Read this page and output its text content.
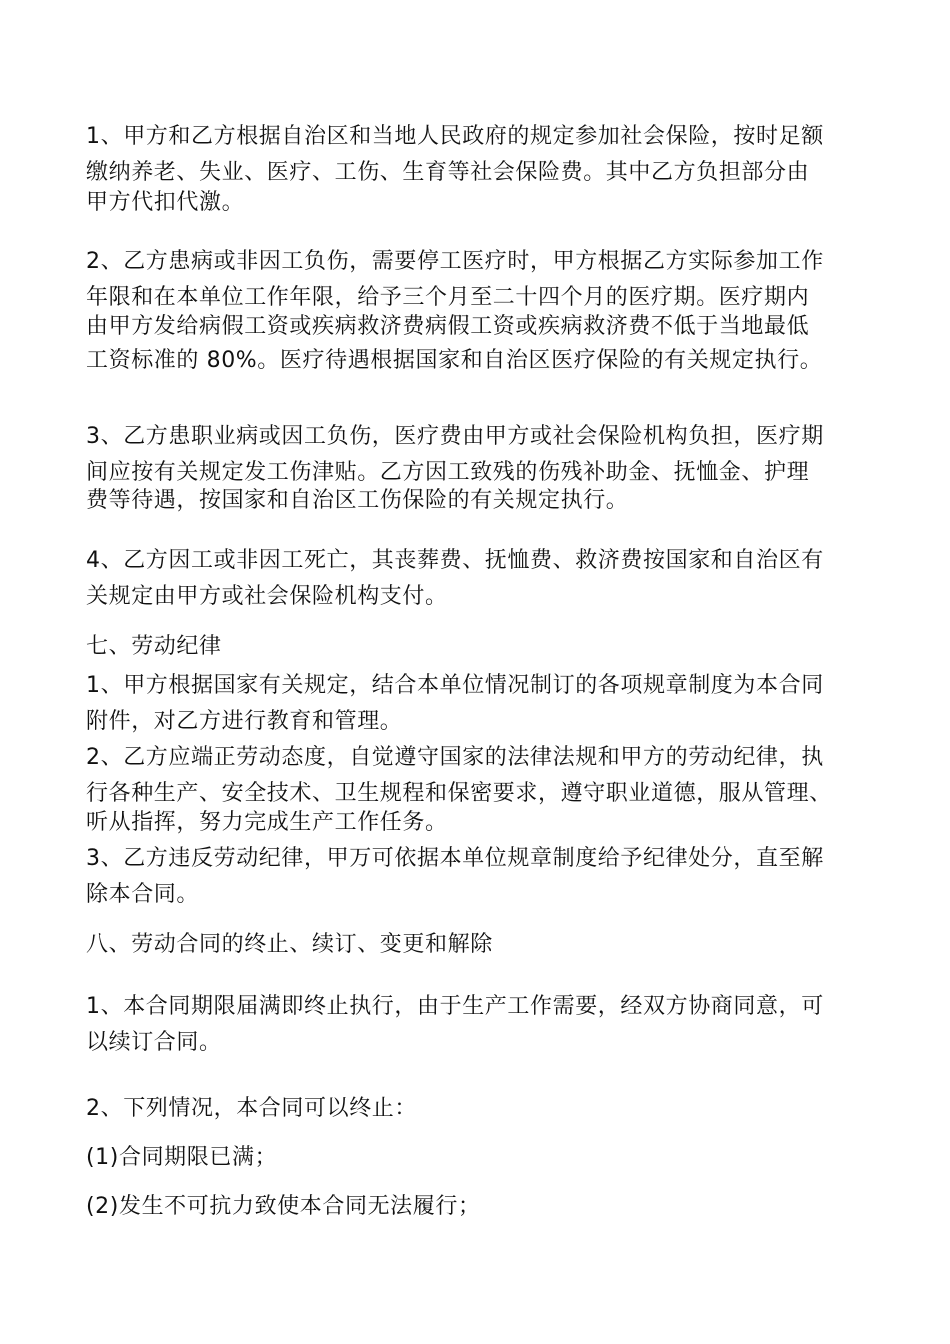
1、甲方和乙方根据自治区和当地人民政府的规定参加社会保险，按时足额
缴纳养老、失业、医疗、工伤、生育等社会保险费。其中乙方负担部分由
甲方代扣代激。
2、乙方患病或非因工负伤，需要停工医疗时，甲方根据乙方实际参加工作
年限和在本单位工作年限，给予三个月至二十四个月的医疗期。医疗期内
由甲方发给病假工资或疾病救济费病假工资或疾病救济费不低于当地最低
工资标准的 80%。医疗待遇根据国家和自治区医疗保险的有关规定执行。
3、乙方患职业病或因工负伤，医疗费由甲方或社会保险机构负担，医疗期
间应按有关规定发工伤津贴。乙方因工致残的伤残补助金、抚恤金、护理
费等待遇，按国家和自治区工伤保险的有关规定执行。
4、乙方因工或非因工死亡，其丧葬费、抚恤费、救济费按国家和自治区有
关规定由甲方或社会保险机构支付。
七、劳动纪律
1、甲方根据国家有关规定，结合本单位情况制订的各项规章制度为本合同
附件，对乙方进行教育和管理。
2、乙方应端正劳动态度，自觉遵守国家的法律法规和甲方的劳动纪律，执
行各种生产、安全技术、卫生规程和保密要求，遵守职业道德，服从管理、
听从指挥，努力完成生产工作任务。
3、乙方违反劳动纪律，甲万可依据本单位规章制度给予纪律处分，直至解
除本合同。
八、劳动合同的终止、续订、变更和解除
1、本合同期限届满即终止执行，由于生产工作需要，经双方协商同意，可
以续订合同。
2、下列情况，本合同可以终止：
(1)合同期限已满；
(2)发生不可抗力致使本合同无法履行；
